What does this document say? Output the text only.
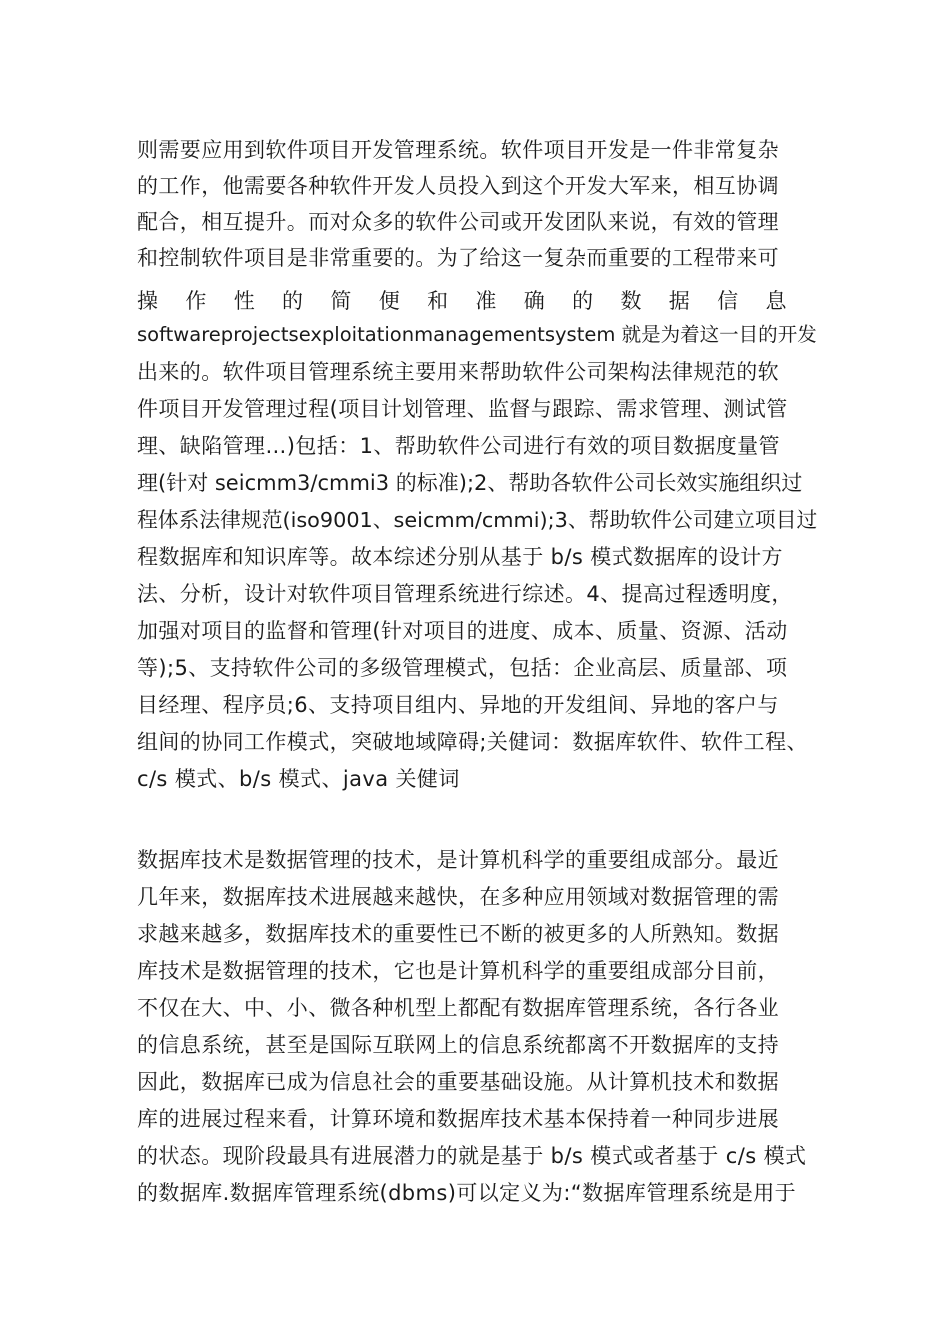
则需要应用到软件项目开发管理系统。软件项目开发是一件非常复杂
的工作，他需要各种软件开发人员投入到这个开发大军来，相互协调
配合，相互提升。而对众多的软件公司或开发团队来说，有效的管理
和控制软件项目是非常重要的。为了给这一复杂而重要的工程带来可
操 作 性 的 简 便 和 准 确 的 数 据 信 息
softwareprojectsexploitationmanagementsystem 就是为着这一目的开发
出来的。软件项目管理系统主要用来帮助软件公司架构法律规范的软
件项目开发管理过程(项目计划管理、监督与跟踪、需求管理、测试管
理、缺陷管理…)包括：1、帮助软件公司进行有效的项目数据度量管
理(针对 seicmm3/cmmi3 的标准);2、帮助各软件公司长效实施组织过
程体系法律规范(iso9001、seicmm/cmmi);3、帮助软件公司建立项目过
程数据库和知识库等。故本综述分别从基于 b/s 模式数据库的设计方
法、分析，设计对软件项目管理系统进行综述。4、提高过程透明度，
加强对项目的监督和管理(针对项目的进度、成本、质量、资源、活动
等);5、支持软件公司的多级管理模式，包括：企业高层、质量部、项
目经理、程序员;6、支持项目组内、异地的开发组间、异地的客户与
组间的协同工作模式，突破地域障碍;关健词：数据库软件、软件工程、
c/s 模式、b/s 模式、java 关健词
数据库技术是数据管理的技术，是计算机科学的重要组成部分。最近
几年来，数据库技术进展越来越快，在多种应用领域对数据管理的需
求越来越多，数据库技术的重要性已不断的被更多的人所熟知。数据
库技术是数据管理的技术，它也是计算机科学的重要组成部分目前，
不仅在大、中、小、微各种机型上都配有数据库管理系统，各行各业
的信息系统，甚至是国际互联网上的信息系统都离不开数据库的支持
因此，数据库已成为信息社会的重要基础设施。从计算机技术和数据
库的进展过程来看，计算环境和数据库技术基本保持着一种同步进展
的状态。现阶段最具有进展潜力的就是基于 b/s 模式或者基于 c/s 模式
的数据库.数据库管理系统(dbms)可以定义为:“数据库管理系统是用于
